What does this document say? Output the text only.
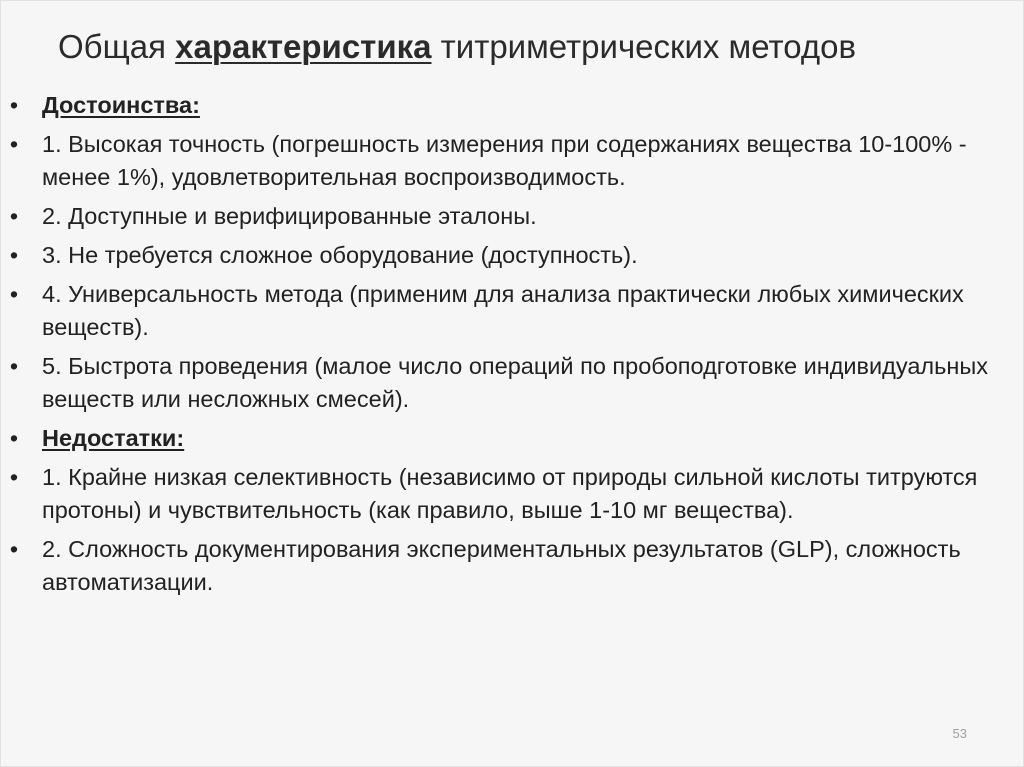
Общая характеристика титриметрических методов
• Достоинства:
• 1. Высокая точность (погрешность измерения при содержаниях вещества 10-100% - менее 1%), удовлетворительная воспроизводимость.
• 2. Доступные и верифицированные эталоны.
• 3. Не требуется сложное оборудование (доступность).
• 4. Универсальность метода (применим для анализа практически любых химических веществ).
• 5. Быстрота проведения (малое число операций по пробоподготовке индивидуальных веществ или несложных смесей).
• Недостатки:
• 1. Крайне низкая селективность (независимо от природы сильной кислоты титруются протоны) и чувствительность (как правило, выше 1-10 мг вещества).
• 2. Сложность документирования экспериментальных результатов (GLP), сложность автоматизации.
53
